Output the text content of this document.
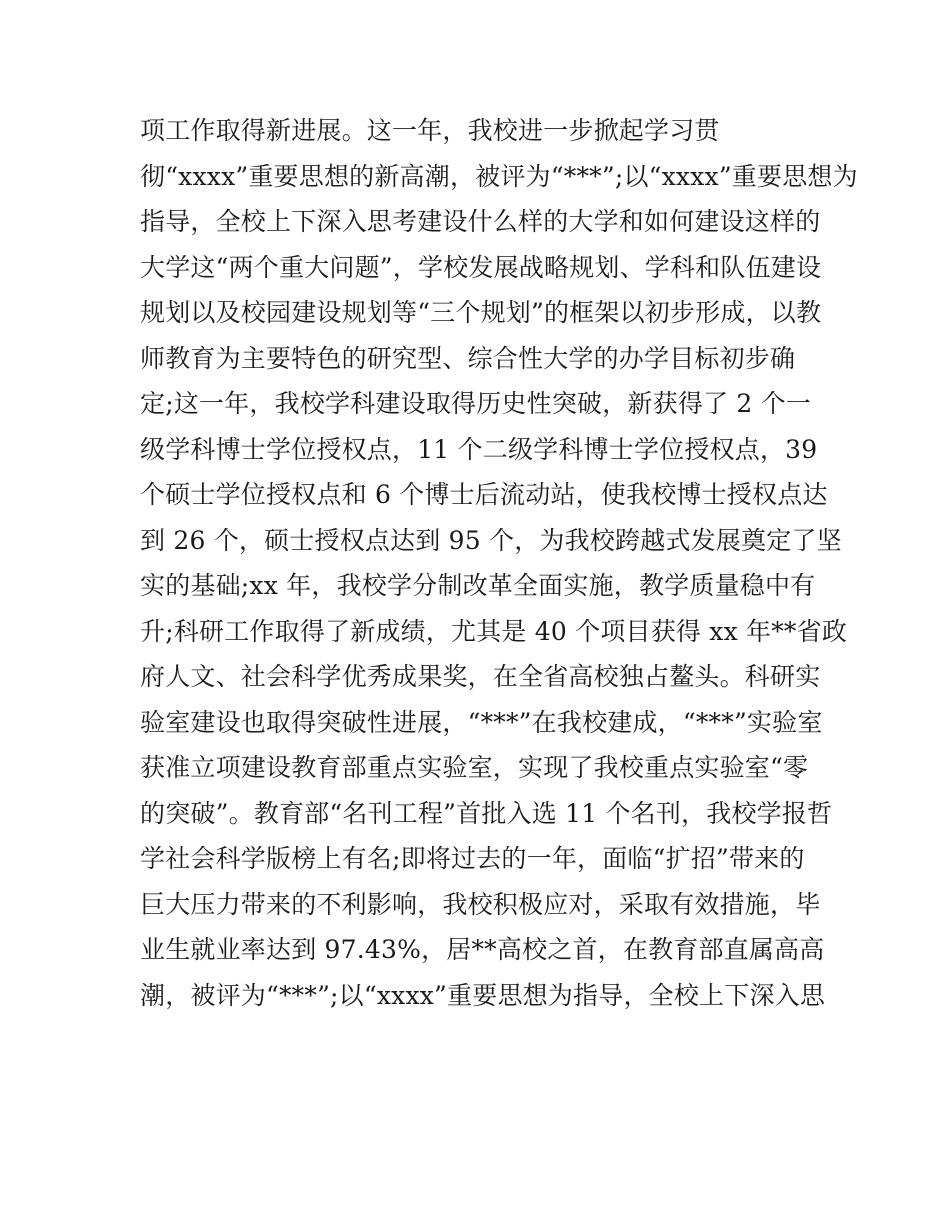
项工作取得新进展。这一年，我校进一步掀起学习贯
彻“xxxx”重要思想的新高潮，被评为“***”;以“xxxx”重要思想为
指导，全校上下深入思考建设什么样的大学和如何建设这样的
大学这“两个重大问题”，学校发展战略规划、学科和队伍建设
规划以及校园建设规划等“三个规划”的框架以初步形成，以教
师教育为主要特色的研究型、综合性大学的办学目标初步确
定;这一年，我校学科建设取得历史性突破，新获得了 2 个一
级学科博士学位授权点，11 个二级学科博士学位授权点，39
个硕士学位授权点和 6 个博士后流动站，使我校博士授权点达
到 26 个，硕士授权点达到 95 个，为我校跨越式发展奠定了坚
实的基础;xx 年，我校学分制改革全面实施，教学质量稳中有
升;科研工作取得了新成绩，尤其是 40 个项目获得 xx 年**省政
府人文、社会科学优秀成果奖，在全省高校独占鳌头。科研实
验室建设也取得突破性进展，“***”在我校建成，“***”实验室
获准立项建设教育部重点实验室，实现了我校重点实验室“零
的突破”。教育部“名刊工程”首批入选 11 个名刊，我校学报哲
学社会科学版榜上有名;即将过去的一年，面临“扩招”带来的
巨大压力带来的不利影响，我校积极应对，采取有效措施，毕
业生就业率达到 97.43%，居**高校之首，在教育部直属高高
潮，被评为“***”;以“xxxx”重要思想为指导，全校上下深入思
